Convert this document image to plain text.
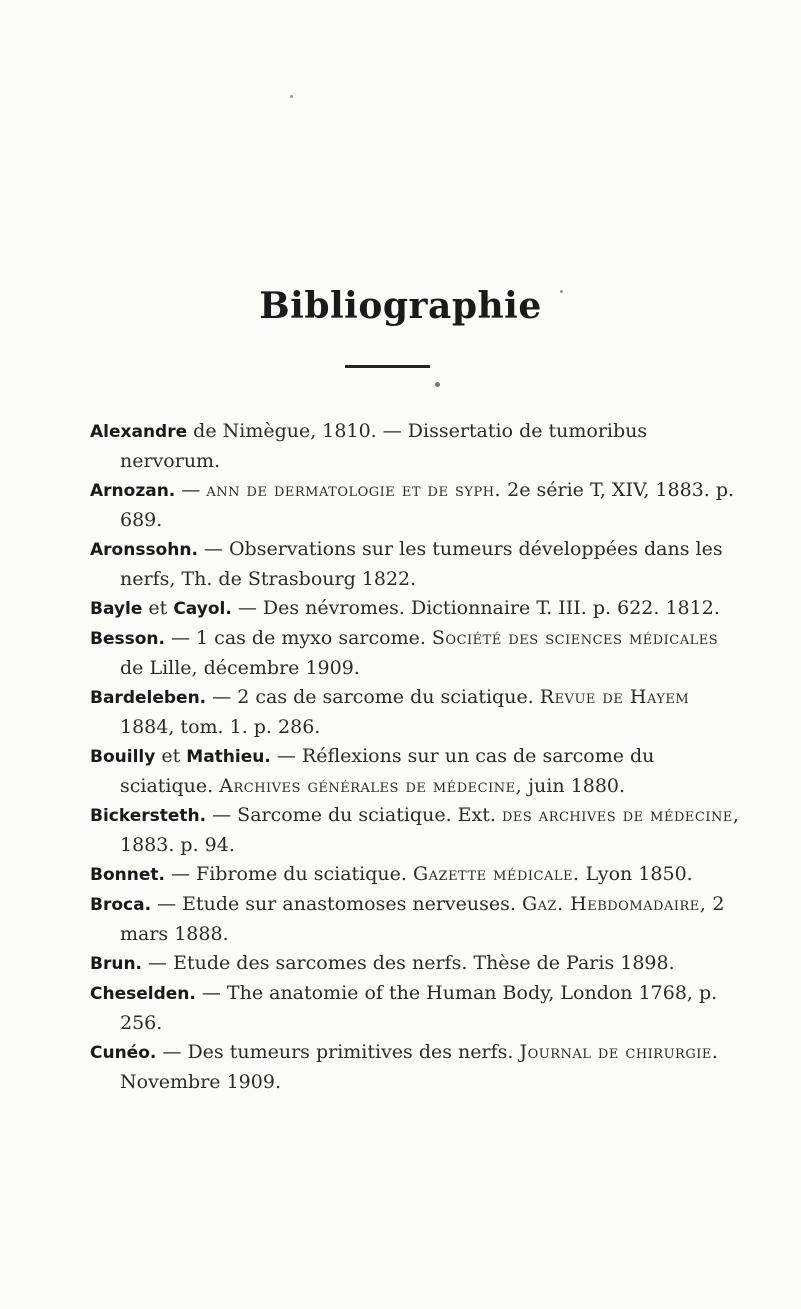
Bibliographie

Alexandre de Nimègue, 1810. — Dissertatio de tumoribus nervorum.

Arnozan. — ann de dermatologie et de syph. 2e série T, XIV, 1883. p. 689.

Aronssohn. — Observations sur les tumeurs développées dans les nerfs, Th. de Strasbourg 1822.

Bayle et Cayol. — Des névromes. Dictionnaire T. III. p. 622. 1812.

Besson. — 1 cas de myxo sarcome. Société des sciences médicales de Lille, décembre 1909.

Bardeleben. — 2 cas de sarcome du sciatique. Revue de Hayem 1884, tom. 1. p. 286.

Bouilly et Mathieu. — Réflexions sur un cas de sarcome du sciatique. Archives générales de médecine, juin 1880.

Bickersteth. — Sarcome du sciatique. Ext. des archives de médecine, 1883. p. 94.

Bonnet. — Fibrome du sciatique. Gazette médicale. Lyon 1850.

Broca. — Etude sur anastomoses nerveuses. Gaz. Hebdomadaire, 2 mars 1888.

Brun. — Etude des sarcomes des nerfs. Thèse de Paris 1898.

Cheselden. — The anatomie of the Human Body, London 1768, p. 256.

Cunéo. — Des tumeurs primitives des nerfs. Journal de chirurgie. Novembre 1909.
